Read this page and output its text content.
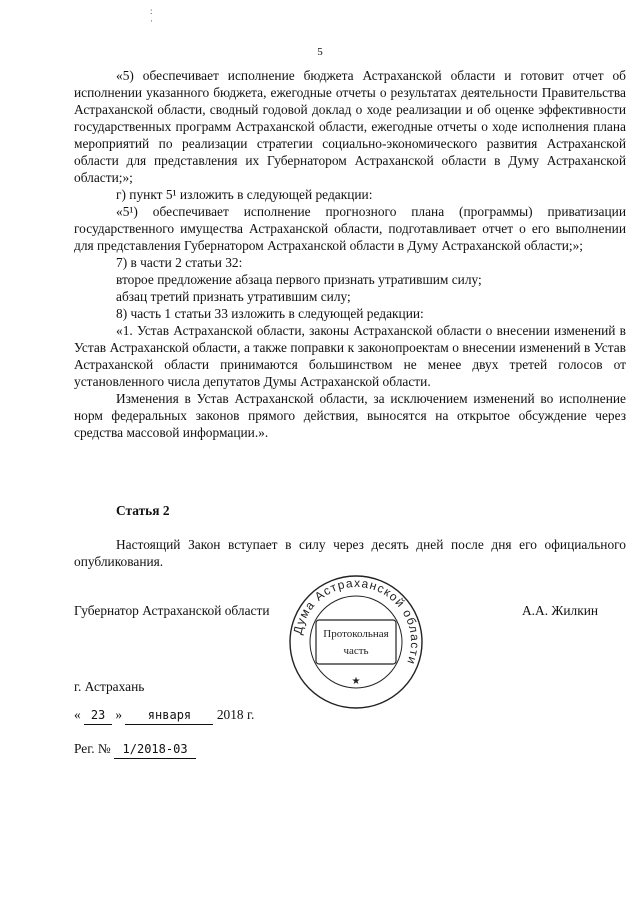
:
·
5

«5) обеспечивает исполнение бюджета Астраханской области и готовит отчет об исполнении указанного бюджета, ежегодные отчеты о результатах деятельности Правительства Астраханской области, сводный годовой доклад о ходе реализации и об оценке эффективности государственных программ Астраханской области, ежегодные отчеты о ходе исполнения плана мероприятий по реализации стратегии социально-экономического развития Астраханской области для представления их Губернатором Астраханской области в Думу Астраханской области;»;

г) пункт 5¹ изложить в следующей редакции:

«5¹) обеспечивает исполнение прогнозного плана (программы) приватизации государственного имущества Астраханской области, подготавливает отчет о его выполнении для представления Губернатором Астраханской области в Думу Астраханской области;»;

7) в части 2 статьи 32:

второе предложение абзаца первого признать утратившим силу;

абзац третий признать утратившим силу;

8) часть 1 статьи 33 изложить в следующей редакции:

«1. Устав Астраханской области, законы Астраханской области о внесении изменений в Устав Астраханской области, а также поправки к законопроектам о внесении изменений в Устав Астраханской области принимаются большинством не менее двух третей голосов от установленного числа депутатов Думы Астраханской области.

Изменения в Устав Астраханской области, за исключением изменений во исполнение норм федеральных законов прямого действия, выносятся на открытое обсуждение через средства массовой информации.».

Статья 2

Настоящий Закон вступает в силу через десять дней после дня его официального опубликования.

Губернатор Астраханской области	А.А. Жилкин
Дума Астраханской области
Протокольная
часть
★
г. Астрахань
« 23 » января 2018 г.
Рег. № 1/2018-03
